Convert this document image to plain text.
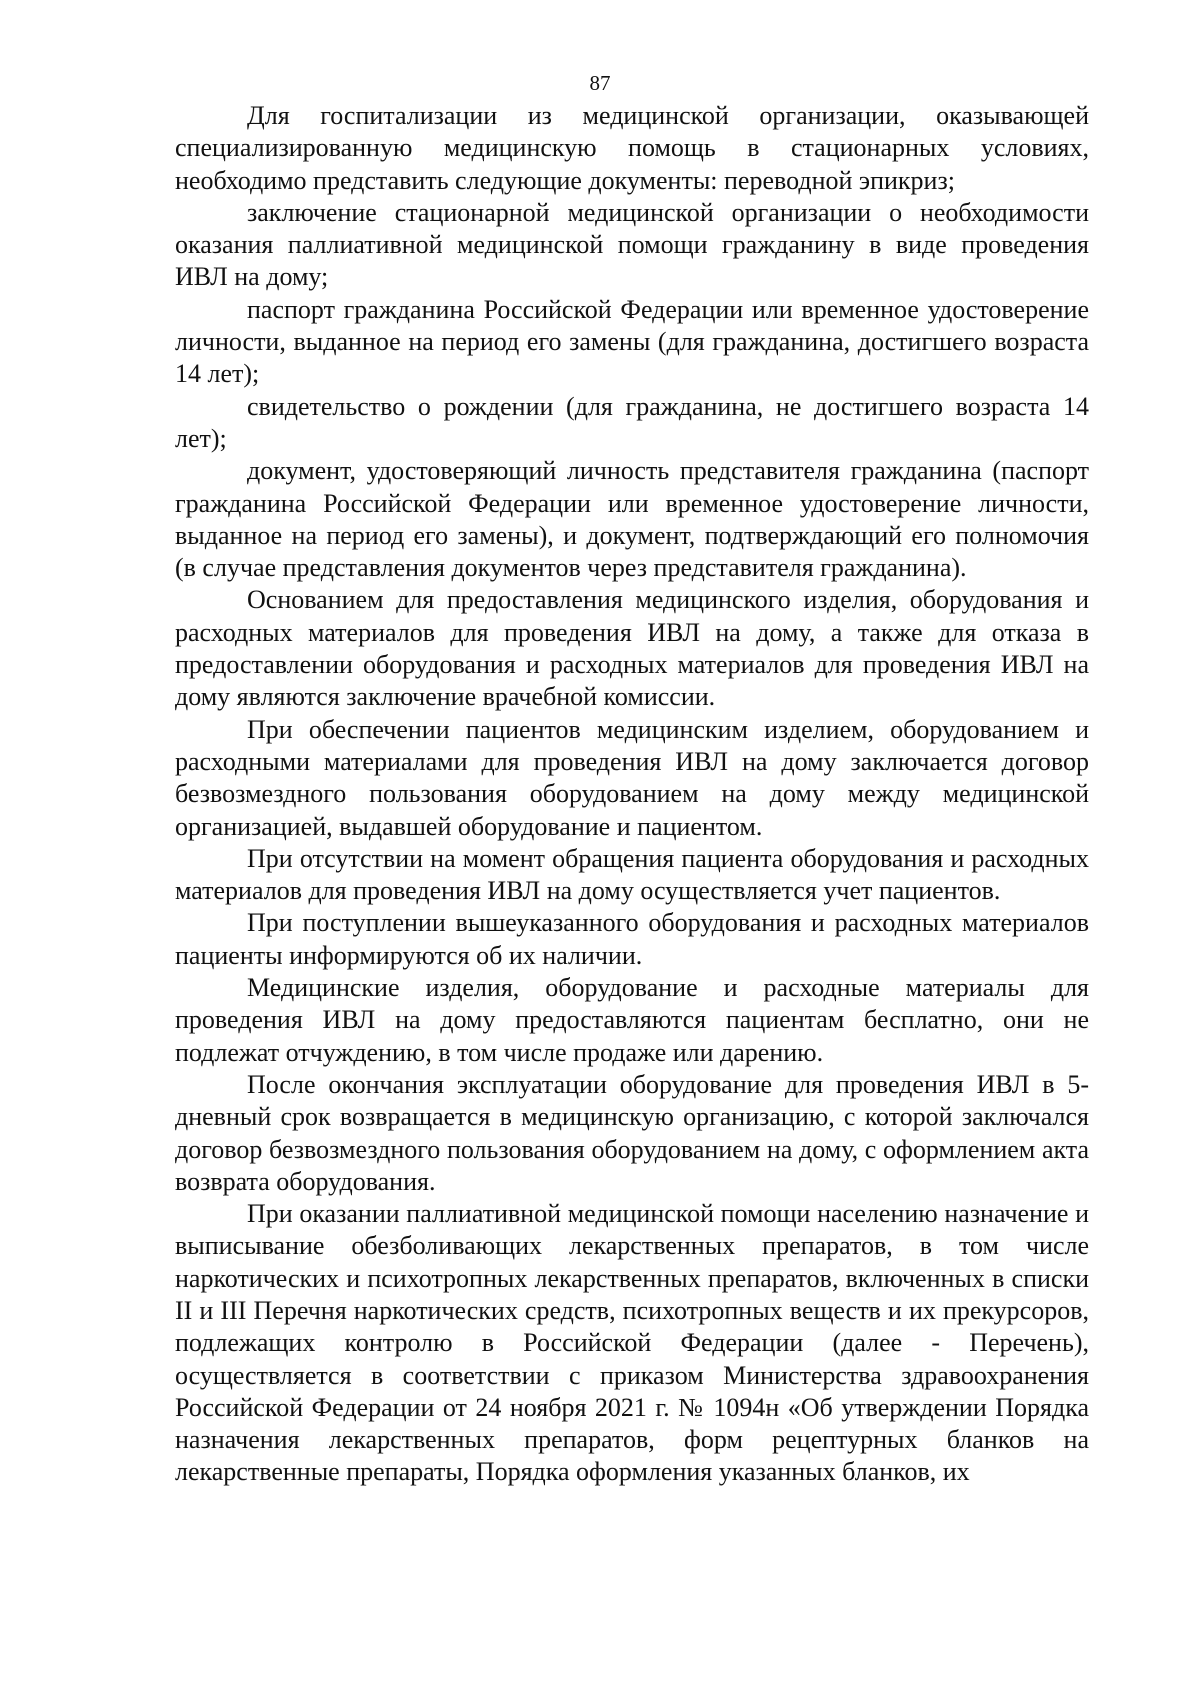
87

Для госпитализации из медицинской организации, оказывающей специализированную медицинскую помощь в стационарных условиях, необходимо представить следующие документы: переводной эпикриз;

заключение стационарной медицинской организации о необходимости оказания паллиативной медицинской помощи гражданину в виде проведения ИВЛ на дому;

паспорт гражданина Российской Федерации или временное удостоверение личности, выданное на период его замены (для гражданина, достигшего возраста 14 лет);

свидетельство о рождении (для гражданина, не достигшего возраста 14 лет);

документ, удостоверяющий личность представителя гражданина (паспорт гражданина Российской Федерации или временное удостоверение личности, выданное на период его замены), и документ, подтверждающий его полномочия (в случае представления документов через представителя гражданина).

Основанием для предоставления медицинского изделия, оборудования и расходных материалов для проведения ИВЛ на дому, а также для отказа в предоставлении оборудования и расходных материалов для проведения ИВЛ на дому являются заключение врачебной комиссии.

При обеспечении пациентов медицинским изделием, оборудованием и расходными материалами для проведения ИВЛ на дому заключается договор безвозмездного пользования оборудованием на дому между медицинской организацией, выдавшей оборудование и пациентом.

При отсутствии на момент обращения пациента оборудования и расходных материалов для проведения ИВЛ на дому осуществляется учет пациентов.

При поступлении вышеуказанного оборудования и расходных материалов пациенты информируются об их наличии.

Медицинские изделия, оборудование и расходные материалы для проведения ИВЛ на дому предоставляются пациентам бесплатно, они не подлежат отчуждению, в том числе продаже или дарению.

После окончания эксплуатации оборудование для проведения ИВЛ в 5-дневный срок возвращается в медицинскую организацию, с которой заключался договор безвозмездного пользования оборудованием на дому, с оформлением акта возврата оборудования.

При оказании паллиативной медицинской помощи населению назначение и выписывание обезболивающих лекарственных препаратов, в том числе наркотических и психотропных лекарственных препаратов, включенных в списки II и III Перечня наркотических средств, психотропных веществ и их прекурсоров, подлежащих контролю в Российской Федерации (далее - Перечень), осуществляется в соответствии с приказом Министерства здравоохранения Российской Федерации от 24 ноября 2021 г. № 1094н «Об утверждении Порядка назначения лекарственных препаратов, форм рецептурных бланков на лекарственные препараты, Порядка оформления указанных бланков, их
